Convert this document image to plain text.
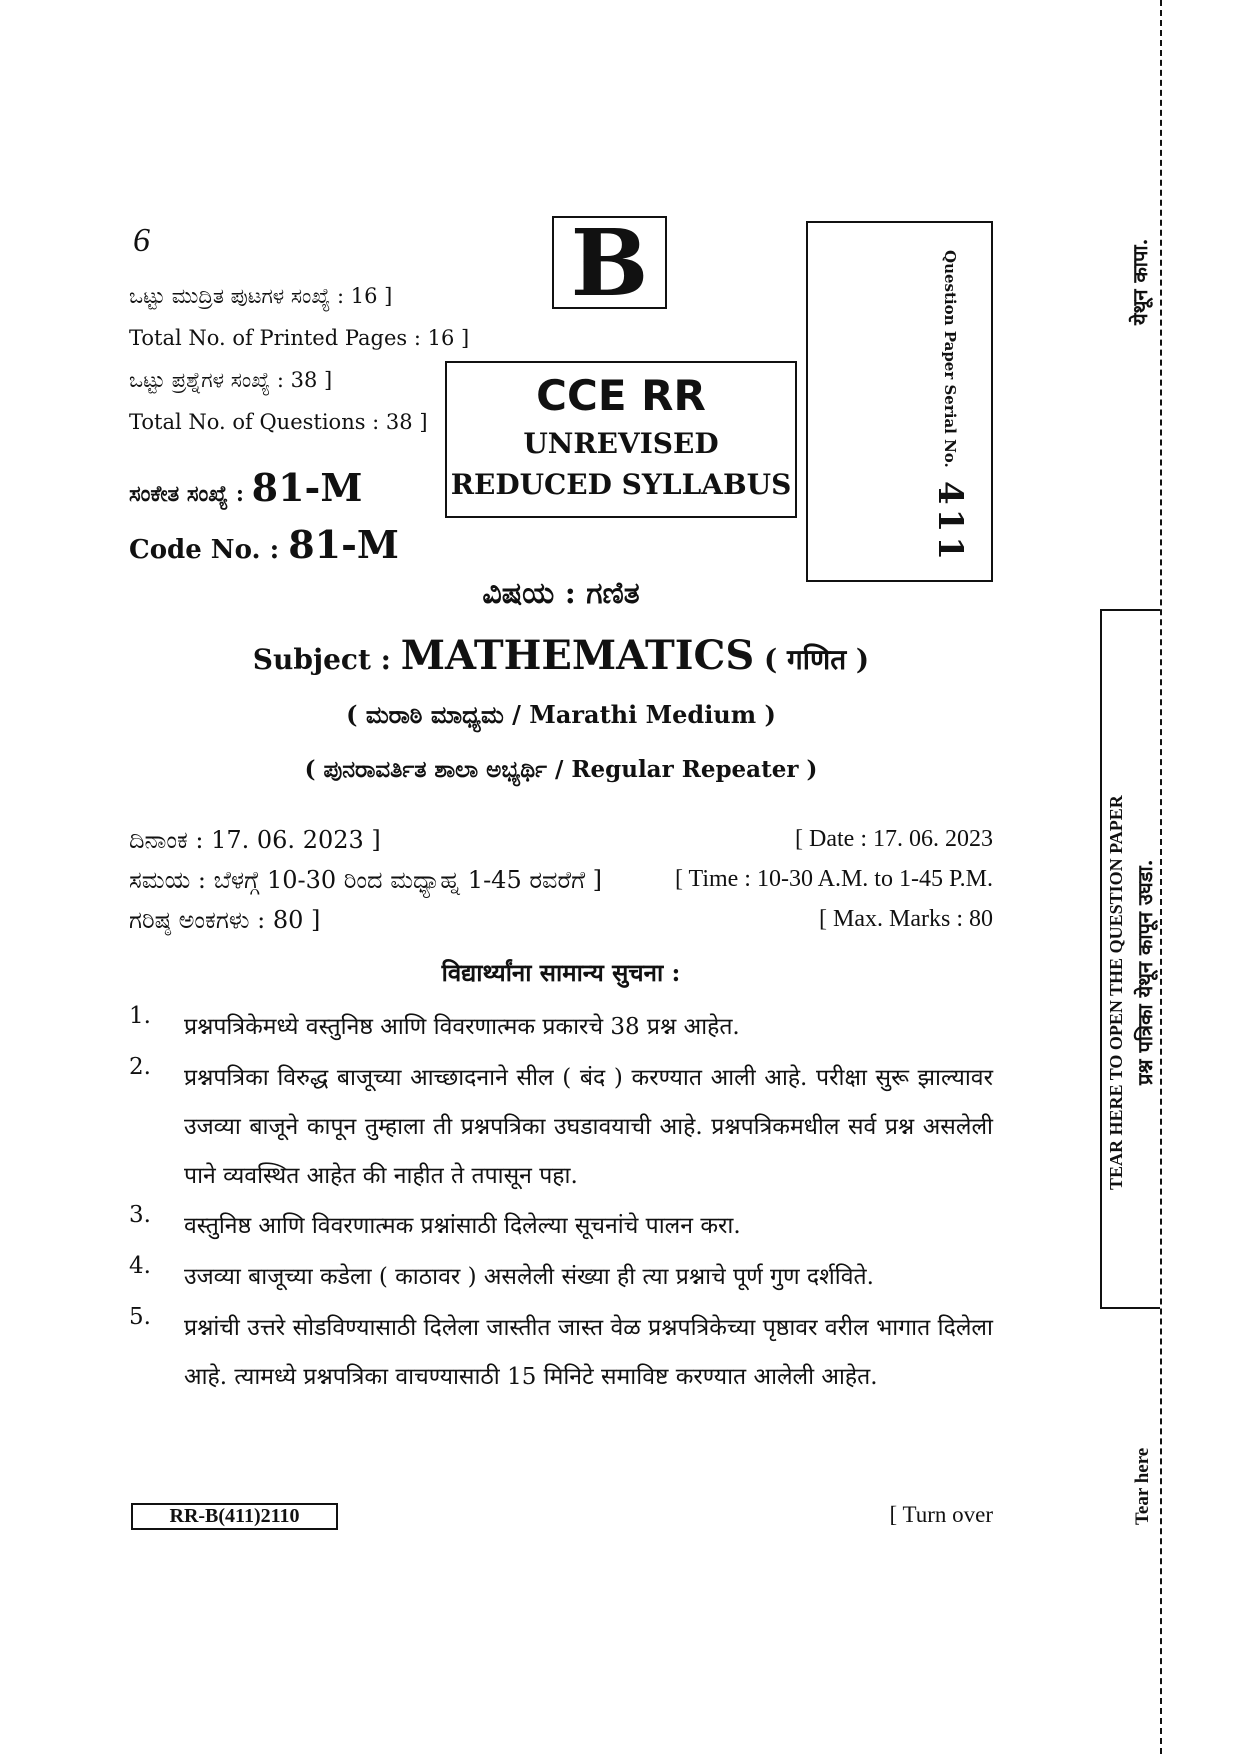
6
ಒಟ್ಟು ಮುದ್ರಿತ ಪುಟಗಳ ಸಂಖ್ಯೆ : 16 ]
Total No. of Printed Pages : 16 ]
ಒಟ್ಟು ಪ್ರಶ್ನೆಗಳ ಸಂಖ್ಯೆ : 38 ]
Total No. of Questions : 38 ]
ಸಂಕೇತ ಸಂಖ್ಯೆ : 81-M
Code No. : 81-M
B
CCE RR
UNREVISED
REDUCED SYLLABUS
Question Paper Serial No. 411
ವಿಷಯ : ಗಣಿತ
Subject : MATHEMATICS ( गणित )
( ಮರಾಠಿ ಮಾಧ್ಯಮ / Marathi Medium )
( ಪುನರಾವರ್ತಿತ ಶಾಲಾ ಅಭ್ಯರ್ಥಿ / Regular Repeater )
ದಿನಾಂಕ : 17. 06. 2023 ]	[ Date : 17. 06. 2023
ಸಮಯ : ಬೆಳಗ್ಗೆ 10-30 ರಿಂದ ಮಧ್ಯಾಹ್ನ 1-45 ರವರೆಗೆ ]	[ Time : 10-30 A.M. to 1-45 P.M.
ಗರಿಷ್ಠ ಅಂಕಗಳು : 80 ]	[ Max. Marks : 80
विद्यार्थ्यांना सामान्य सुचना :
1. प्रश्नपत्रिकेमध्ये वस्तुनिष्ठ आणि विवरणात्मक प्रकारचे 38 प्रश्न आहेत.
2. प्रश्नपत्रिका विरुद्ध बाजूच्या आच्छादनाने सील ( बंद ) करण्यात आली आहे. परीक्षा सुरू झाल्यावर उजव्या बाजूने कापून तुम्हाला ती प्रश्नपत्रिका उघडावयाची आहे. प्रश्नपत्रिकमधील सर्व प्रश्न असलेली पाने व्यवस्थित आहेत की नाहीत ते तपासून पहा.
3. वस्तुनिष्ठ आणि विवरणात्मक प्रश्नांसाठी दिलेल्या सूचनांचे पालन करा.
4. उजव्या बाजूच्या कडेला ( काठावर ) असलेली संख्या ही त्या प्रश्नाचे पूर्ण गुण दर्शविते.
5. प्रश्नांची उत्तरे सोडविण्यासाठी दिलेला जास्तीत जास्त वेळ प्रश्नपत्रिकेच्या पृष्ठावर वरील भागात दिलेला आहे. त्यामध्ये प्रश्नपत्रिका वाचण्यासाठी 15 मिनिटे समाविष्ट करण्यात आलेली आहेत.
RR-B(411)2110	[ Turn over
येथून कापा.
TEAR HERE TO OPEN THE QUESTION PAPER प्रश्न पत्रिका येथून कापून उघडा.
Tear here
